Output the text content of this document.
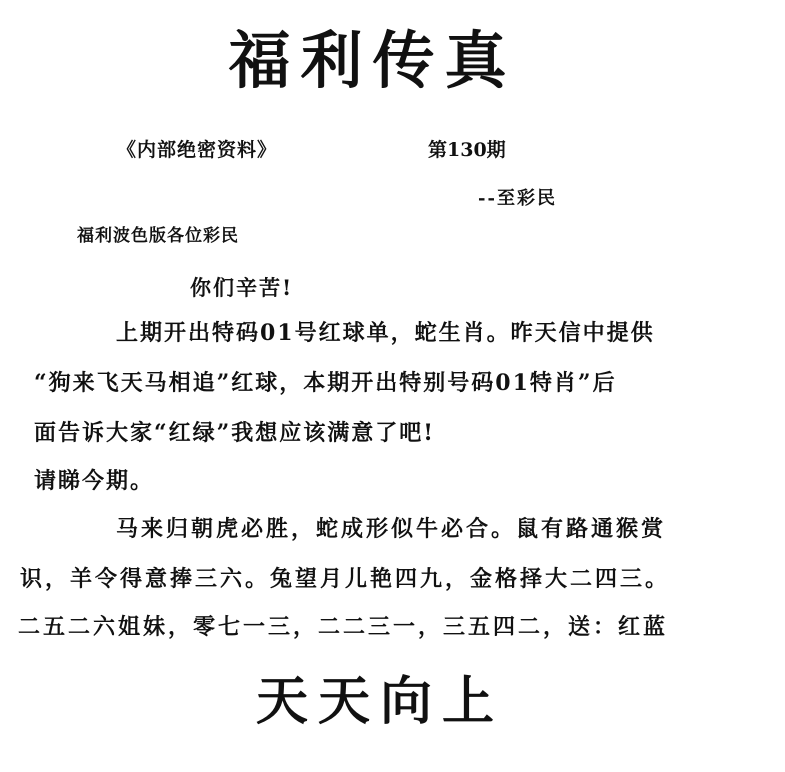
福利传真
《内部绝密资料》	第130期
--至彩民
福利波色版各位彩民
你们辛苦!
上期开出特码01号红球单，蛇生肖。昨天信中提供
“狗来飞天马相追”红球，本期开出特别号码01特肖”后
面告诉大家“红绿”我想应该满意了吧!
请睇今期。
马来归朝虎必胜，蛇成形似牛必合。鼠有路通猴赏
识，羊令得意捧三六。兔望月儿艳四九，金格择大二四三。
二五二六姐妹，零七一三，二二三一，三五四二，送：红蓝
天天向上
